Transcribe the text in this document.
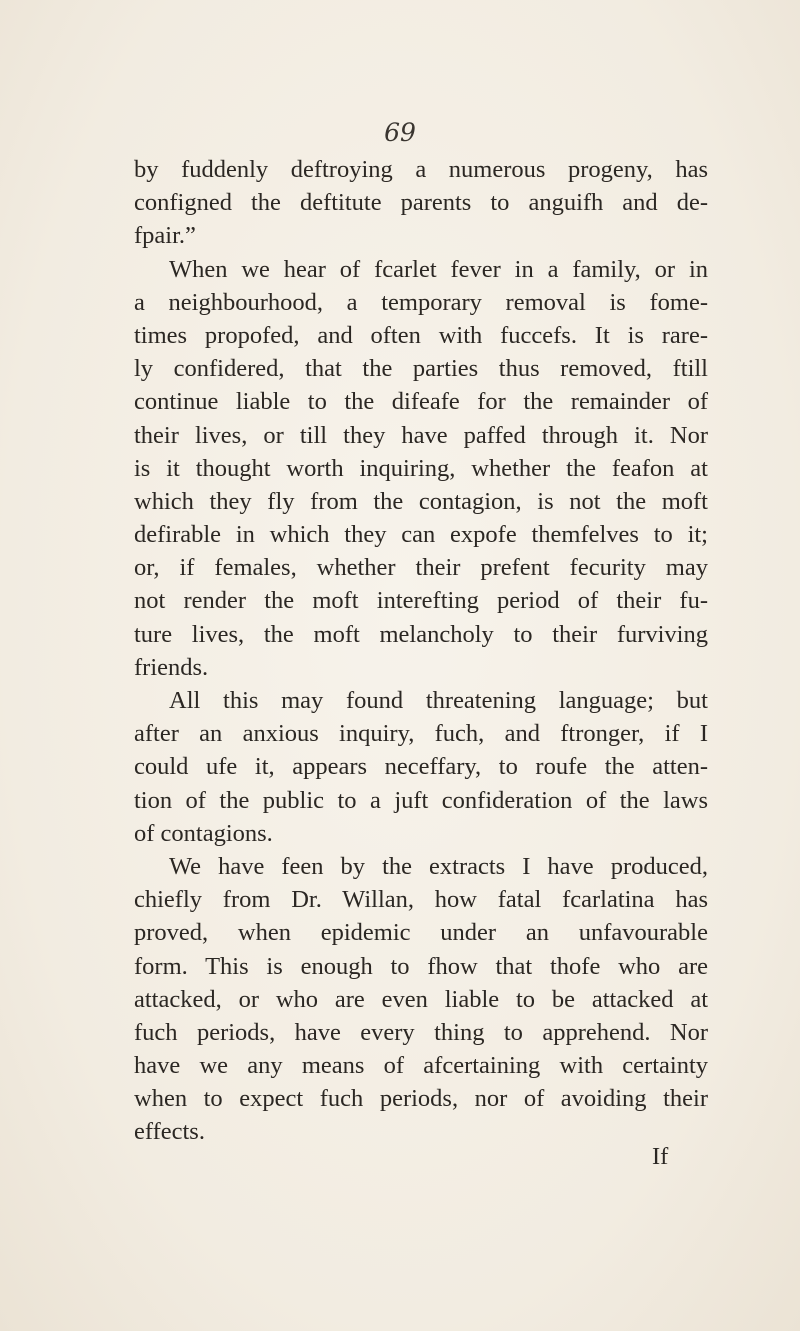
69
by fuddenly deftroying a numerous progeny, has
configned the deftitute parents to anguifh and de-
fpair.”
When we hear of fcarlet fever in a family, or in
a neighbourhood, a temporary removal is fome-
times propofed, and often with fuccefs. It is rare-
ly confidered, that the parties thus removed, ftill
continue liable to the difeafe for the remainder of
their lives, or till they have paffed through it. Nor
is it thought worth inquiring, whether the feafon at
which they fly from the contagion, is not the moft
defirable in which they can expofe themfelves to it;
or, if females, whether their prefent fecurity may
not render the moft interefting period of their fu-
ture lives, the moft melancholy to their furviving
friends.
All this may found threatening language; but
after an anxious inquiry, fuch, and ftronger, if I
could ufe it, appears neceffary, to roufe the atten-
tion of the public to a juft confideration of the laws
of contagions.
We have feen by the extracts I have produced,
chiefly from Dr. Willan, how fatal fcarlatina has
proved, when epidemic under an unfavourable
form. This is enough to fhow that thofe who are
attacked, or who are even liable to be attacked at
fuch periods, have every thing to apprehend. Nor
have we any means of afcertaining with certainty
when to expect fuch periods, nor of avoiding their
effects.
If
